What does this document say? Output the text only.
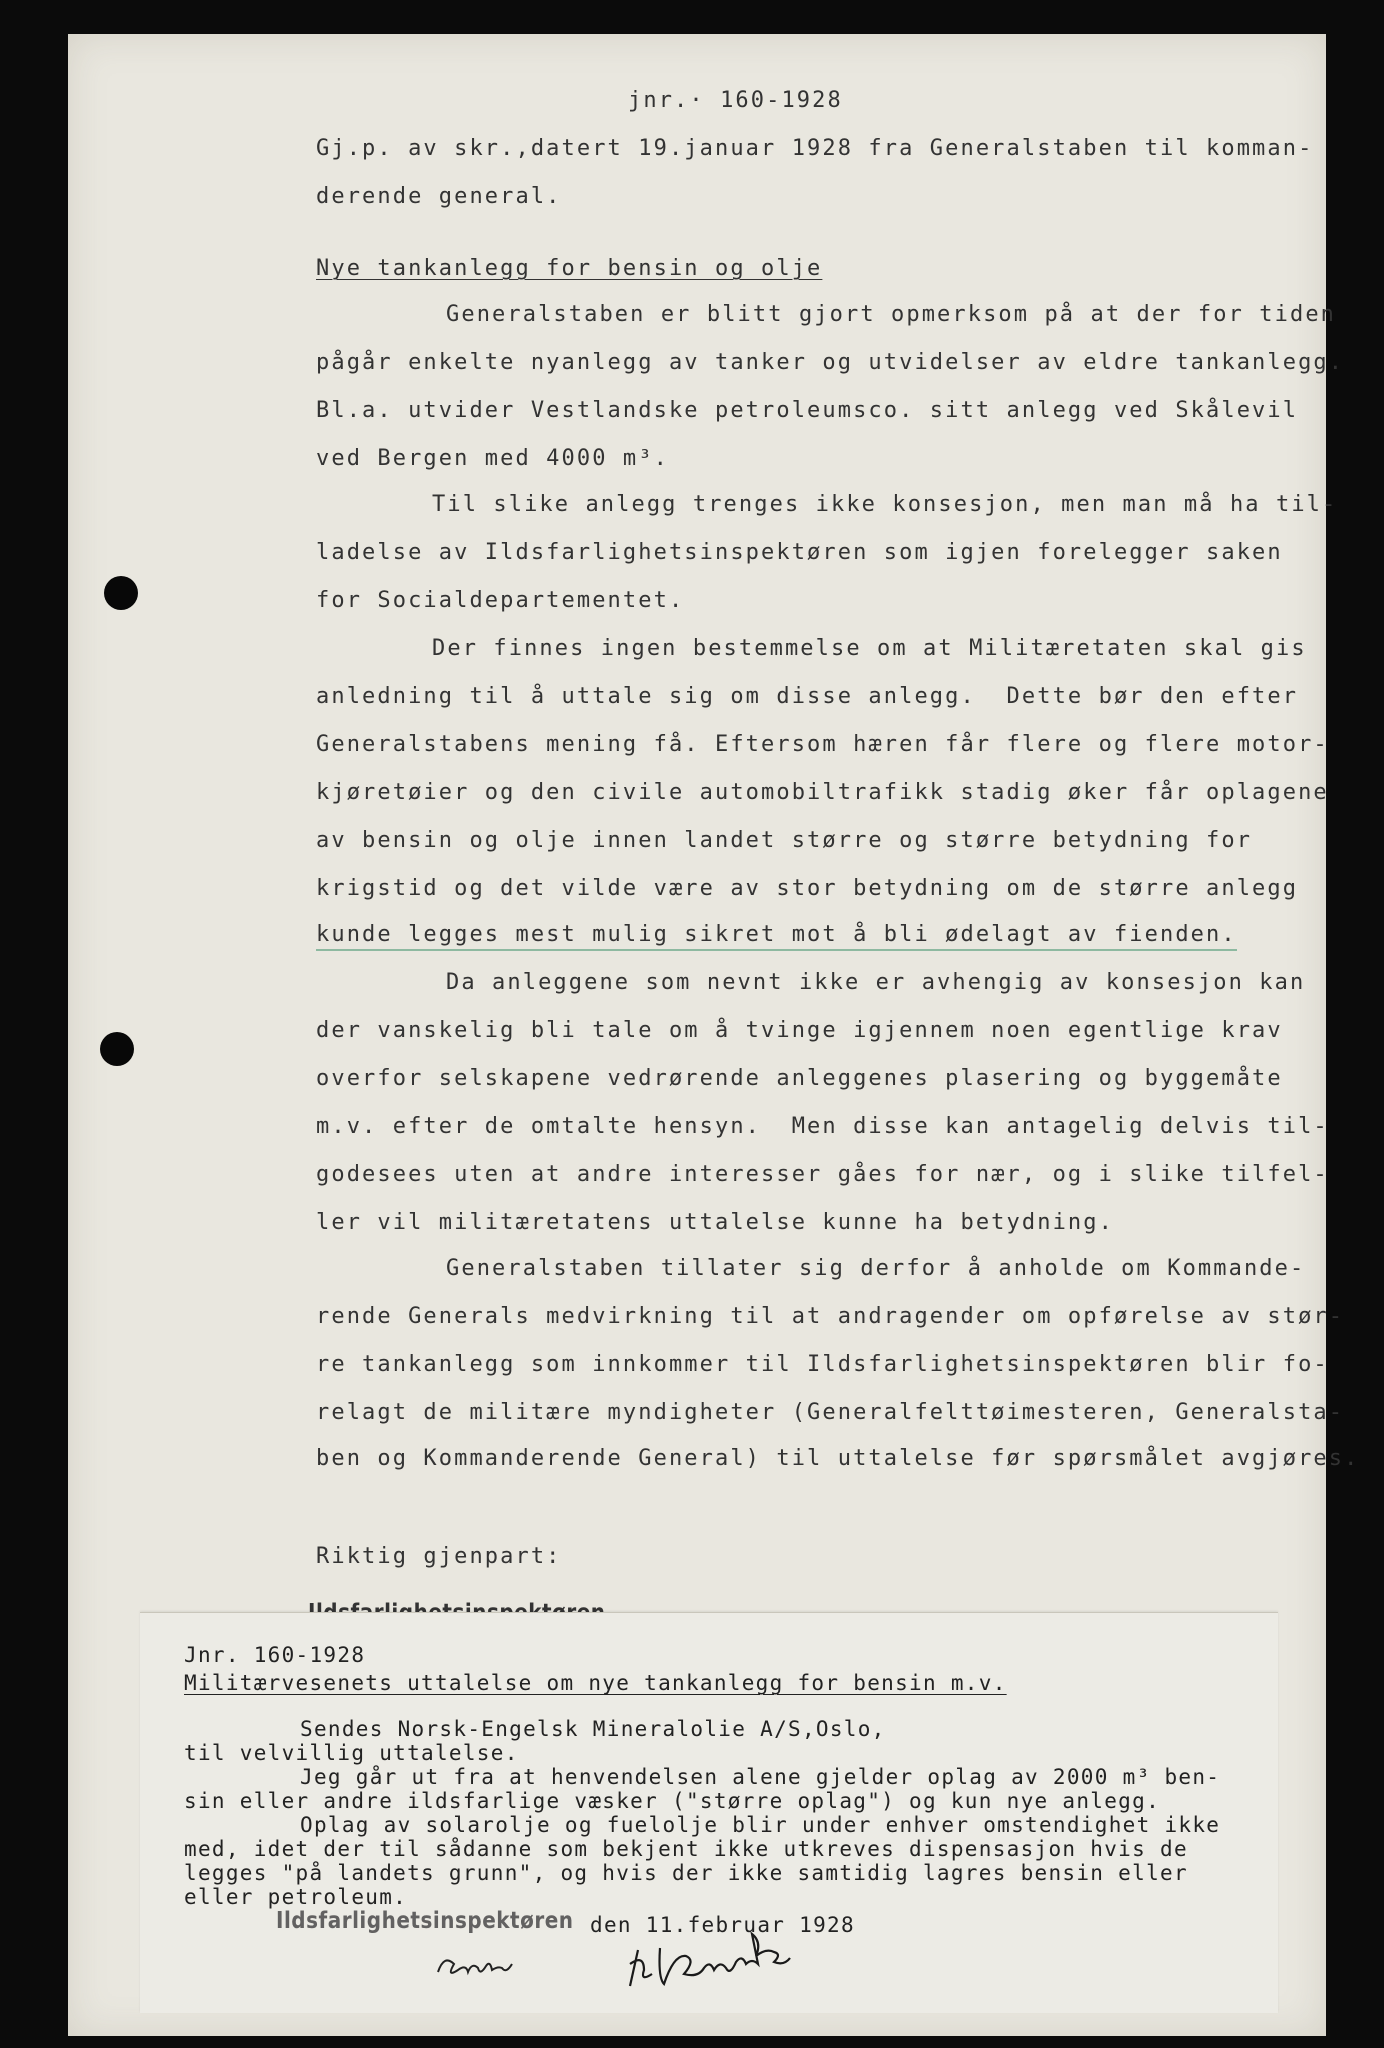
jnr.· 160-1928
Gj.p. av skr.,datert 19.januar 1928 fra Generalstaben til komman-
derende general.
Nye tankanlegg for bensin og olje
Generalstaben er blitt gjort opmerksom på at der for tiden
pågår enkelte nyanlegg av tanker og utvidelser av eldre tankanlegg.
Bl.a. utvider Vestlandske petroleumsco. sitt anlegg ved Skålevil
ved Bergen med 4000 m³.
Til slike anlegg trenges ikke konsesjon, men man må ha til-
ladelse av Ildsfarlighetsinspektøren som igjen forelegger saken
for Socialdepartementet.
Der finnes ingen bestemmelse om at Militæretaten skal gis
anledning til å uttale sig om disse anlegg.  Dette bør den efter
Generalstabens mening få. Eftersom hæren får flere og flere motor-
kjøretøier og den civile automobiltrafikk stadig øker får oplagene
av bensin og olje innen landet større og større betydning for
krigstid og det vilde være av stor betydning om de større anlegg
kunde legges mest mulig sikret mot å bli ødelagt av fienden.
Da anleggene som nevnt ikke er avhengig av konsesjon kan
der vanskelig bli tale om å tvinge igjennem noen egentlige krav
overfor selskapene vedrørende anleggenes plasering og byggemåte
m.v. efter de omtalte hensyn.  Men disse kan antagelig delvis til-
godesees uten at andre interesser gåes for nær, og i slike tilfel-
ler vil militæretatens uttalelse kunne ha betydning.
Generalstaben tillater sig derfor å anholde om Kommande-
rende Generals medvirkning til at andragender om opførelse av stør-
re tankanlegg som innkommer til Ildsfarlighetsinspektøren blir fo-
relagt de militære myndigheter (Generalfelttøimesteren, Generalsta-
ben og Kommanderende General) til uttalelse før spørsmålet avgjøres.
Riktig gjenpart:
Jnr. 160-1928
Militærvesenets uttalelse om nye tankanlegg for bensin m.v.
Sendes Norsk-Engelsk Mineralolie A/S,Oslo,
til velvillig uttalelse.
Jeg går ut fra at henvendelsen alene gjelder oplag av 2000 m³ ben-
sin eller andre ildsfarlige væsker ("større oplag") og kun nye anlegg.
Oplag av solarolje og fuelolje blir under enhver omstendighet ikke
med, idet der til sådanne som bekjent ikke utkreves dispensasjon hvis de
legges "på landets grunn", og hvis der ikke samtidig lagres bensin eller
eller petroleum.
Ildsfarlighetsinspektøren den 11.februar 1928
